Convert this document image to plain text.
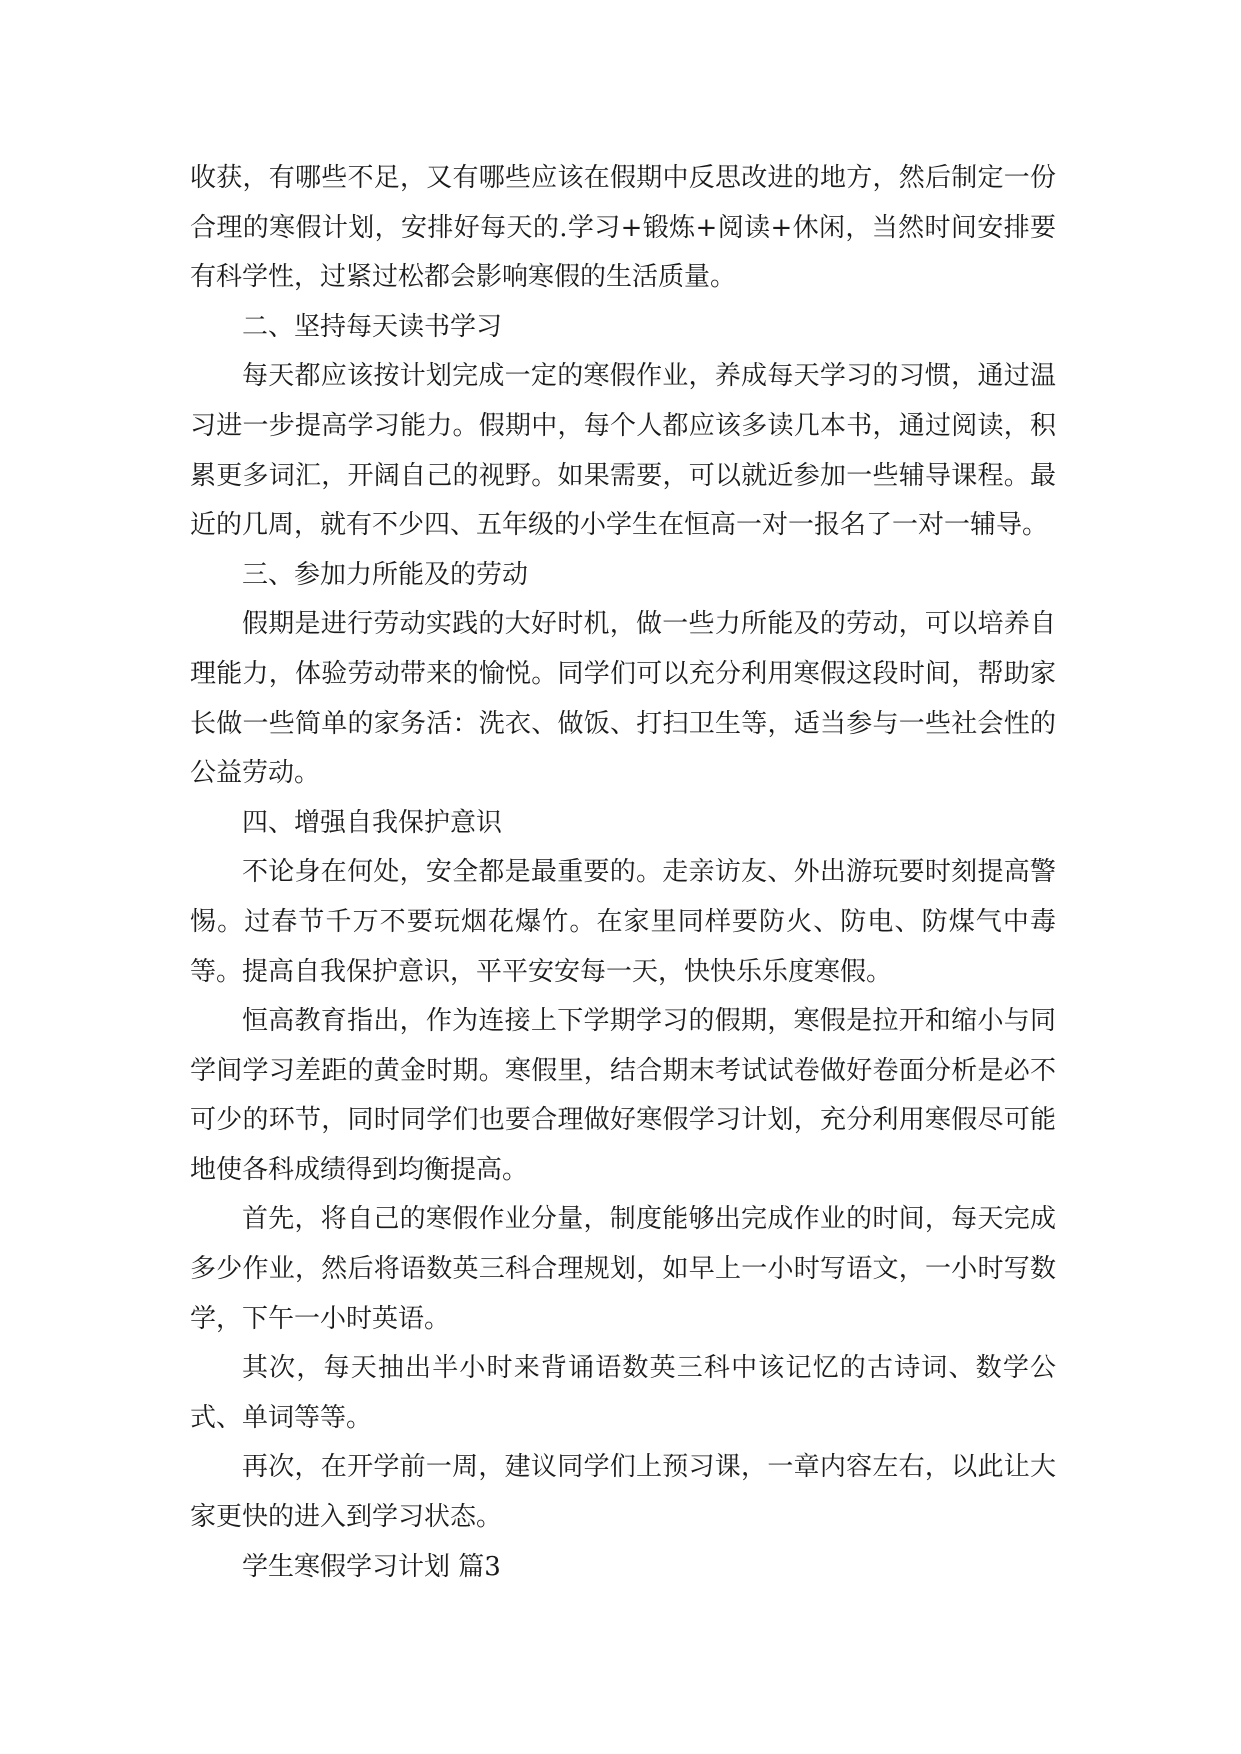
收获，有哪些不足，又有哪些应该在假期中反思改进的地方，然后制定一份合理的寒假计划，安排好每天的.学习+锻炼+阅读+休闲，当然时间安排要有科学性，过紧过松都会影响寒假的生活质量。

二、坚持每天读书学习

每天都应该按计划完成一定的寒假作业，养成每天学习的习惯，通过温习进一步提高学习能力。假期中，每个人都应该多读几本书，通过阅读，积累更多词汇，开阔自己的视野。如果需要，可以就近参加一些辅导课程。最近的几周，就有不少四、五年级的小学生在恒高一对一报名了一对一辅导。

三、参加力所能及的劳动

假期是进行劳动实践的大好时机，做一些力所能及的劳动，可以培养自理能力，体验劳动带来的愉悦。同学们可以充分利用寒假这段时间，帮助家长做一些简单的家务活：洗衣、做饭、打扫卫生等，适当参与一些社会性的公益劳动。

四、增强自我保护意识

不论身在何处，安全都是最重要的。走亲访友、外出游玩要时刻提高警惕。过春节千万不要玩烟花爆竹。在家里同样要防火、防电、防煤气中毒等。提高自我保护意识，平平安安每一天，快快乐乐度寒假。

恒高教育指出，作为连接上下学期学习的假期，寒假是拉开和缩小与同学间学习差距的黄金时期。寒假里，结合期末考试试卷做好卷面分析是必不可少的环节，同时同学们也要合理做好寒假学习计划，充分利用寒假尽可能地使各科成绩得到均衡提高。

首先，将自己的寒假作业分量，制度能够出完成作业的时间，每天完成多少作业，然后将语数英三科合理规划，如早上一小时写语文，一小时写数学，下午一小时英语。

其次，每天抽出半小时来背诵语数英三科中该记忆的古诗词、数学公式、单词等等。

再次，在开学前一周，建议同学们上预习课，一章内容左右，以此让大家更快的进入到学习状态。

学生寒假学习计划 篇3
